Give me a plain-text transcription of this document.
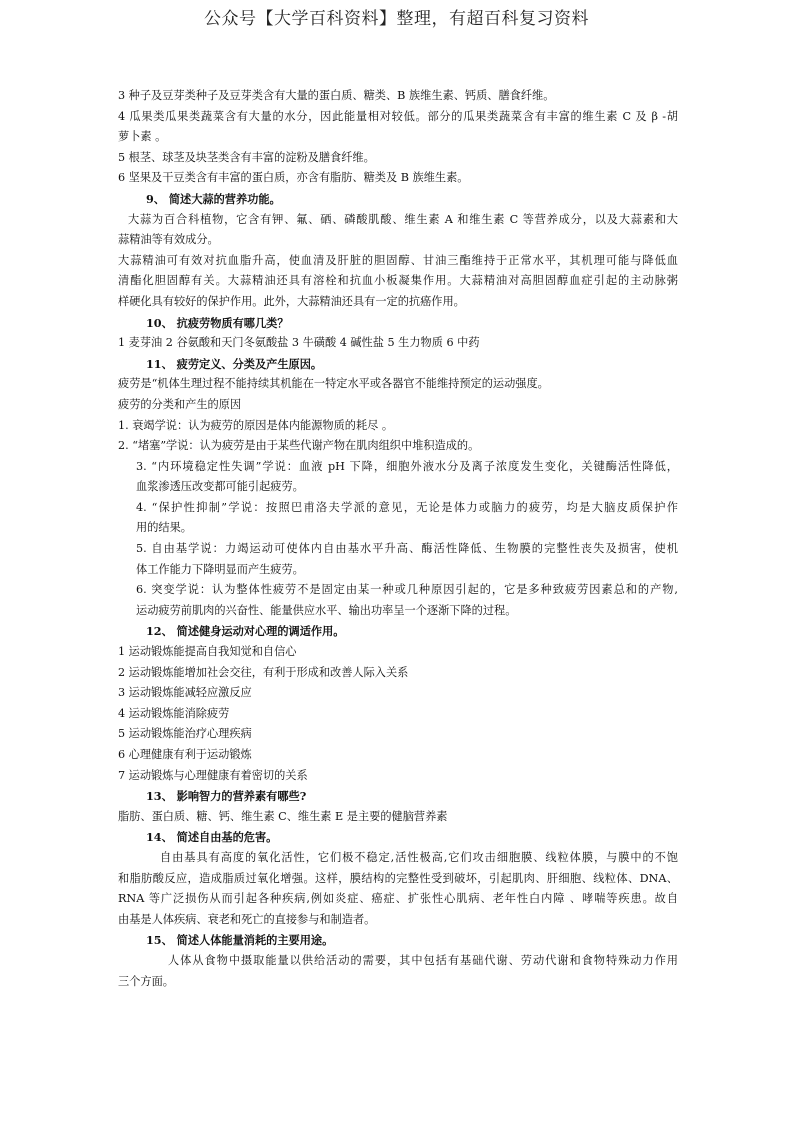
公众号【大学百科资料】整理，有超百科复习资料
3 种子及豆芽类种子及豆芽类含有大量的蛋白质、糖类、B 族维生素、钙质、膳食纤维。
4 瓜果类瓜果类蔬菜含有大量的水分，因此能量相对较低。部分的瓜果类蔬菜含有丰富的维生素 C 及 β -胡
萝卜素 。
5 根茎、球茎及块茎类含有丰富的淀粉及膳食纤维。
6 坚果及干豆类含有丰富的蛋白质，亦含有脂肪、糖类及 B 族维生素。
9、 简述大蒜的营养功能。
大蒜为百合科植物，它含有钾、氟、硒、磷酸肌酸、维生素 A 和维生素 C 等营养成分，以及大蒜素和大
蒜精油等有效成分。
大蒜精油可有效对抗血脂升高，使血清及肝脏的胆固醇、甘油三酯维持于正常水平，其机理可能与降低血
清酯化胆固醇有关。大蒜精油还具有溶栓和抗血小板凝集作用。大蒜精油对高胆固醇血症引起的主动脉粥
样硬化具有较好的保护作用。此外，大蒜精油还具有一定的抗癌作用。
10、 抗疲劳物质有哪几类？
1 麦芽油 2 谷氨酸和天门冬氨酸盐 3 牛磺酸 4 碱性盐 5 生力物质 6 中药
11、 疲劳定义、分类及产生原因。
疲劳是“机体生理过程不能持续其机能在一特定水平或各器官不能维持预定的运动强度。
疲劳的分类和产生的原因
1. 衰竭学说：认为疲劳的原因是体内能源物质的耗尽 。
2. “堵塞”学说：认为疲劳是由于某些代谢产物在肌肉组织中堆积造成的。
3. “内环境稳定性失调”学说：血液 pH 下降，细胞外液水分及离子浓度发生变化，关键酶活性降低，
血浆渗透压改变都可能引起疲劳。
4. “保护性抑制”学说：按照巴甫洛夫学派的意见，无论是体力或脑力的疲劳，均是大脑皮质保护作
用的结果。
5. 自由基学说：力竭运动可使体内自由基水平升高、酶活性降低、生物膜的完整性丧失及损害，使机
体工作能力下降明显而产生疲劳。
6. 突变学说：认为整体性疲劳不是固定由某一种或几种原因引起的，它是多种致疲劳因素总和的产物,
运动疲劳前肌肉的兴奋性、能量供应水平、输出功率呈一个逐渐下降的过程。
12、 简述健身运动对心理的调适作用。
1 运动锻炼能提高自我知觉和自信心
2 运动锻炼能增加社会交往，有利于形成和改善人际入关系
3 运动锻炼能减轻应激反应
4 运动锻炼能消除疲劳
5 运动锻炼能治疗心理疾病
6 心理健康有利于运动锻炼
7 运动锻炼与心理健康有着密切的关系
13、 影响智力的营养素有哪些?
脂肪、蛋白质、糖、钙、维生素 C、维生素 E 是主要的健脑营养素
14、 简述自由基的危害。
自由基具有高度的氧化活性，它们极不稳定,活性极高,它们攻击细胞膜、线粒体膜，与膜中的不饱
和脂肪酸反应，造成脂质过氧化增强。这样，膜结构的完整性受到破坏，引起肌肉、肝细胞、线粒体、DNA、
RNA 等广泛损伤从而引起各种疾病,例如炎症、癌症、扩张性心肌病、老年性白内障 、哮喘等疾患。故自
由基是人体疾病、衰老和死亡的直接参与和制造者。
15、 简述人体能量消耗的主要用途。
人体从食物中摄取能量以供给活动的需要，其中包括有基础代谢、劳动代谢和食物特殊动力作用
三个方面。
